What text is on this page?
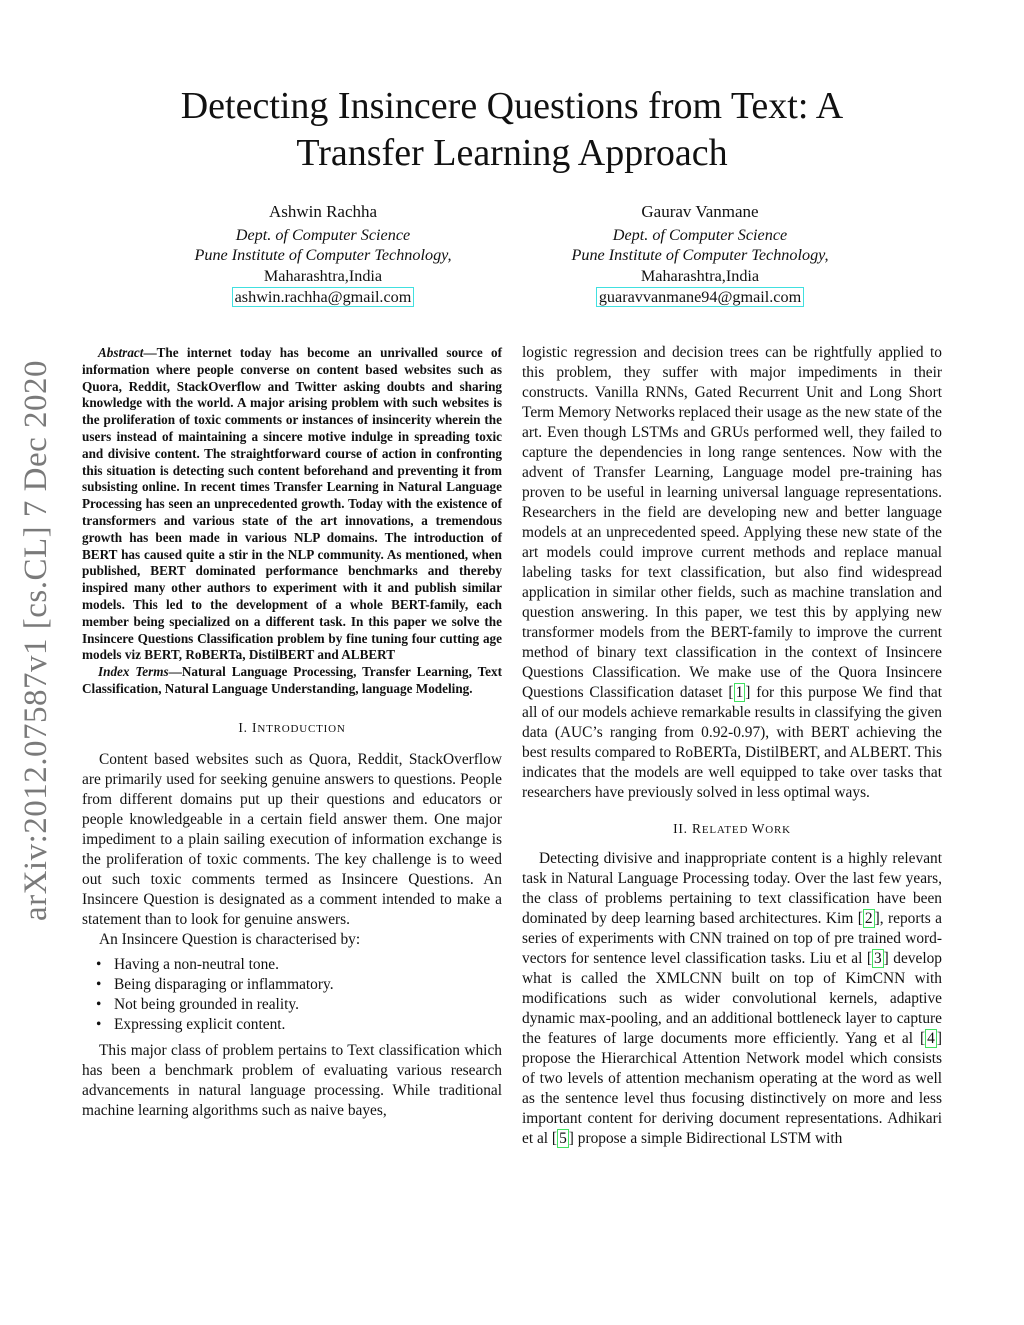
arXiv:2012.07587v1 [cs.CL] 7 Dec 2020
Detecting Insincere Questions from Text: A
Transfer Learning Approach
Ashwin Rachha
Dept. of Computer Science
Pune Institute of Computer Technology,
Maharashtra,India
ashwin.rachha@gmail.com
Gaurav Vanmane
Dept. of Computer Science
Pune Institute of Computer Technology,
Maharashtra,India
guaravvanmane94@gmail.com

Abstract—The internet today has become an unrivalled source of information where people converse on content based websites such as Quora, Reddit, StackOverflow and Twitter asking doubts and sharing knowledge with the world. A major arising problem with such websites is the proliferation of toxic comments or instances of insincerity wherein the users instead of maintaining a sincere motive indulge in spreading toxic and divisive content. The straightforward course of action in confronting this situation is detecting such content beforehand and preventing it from subsisting online. In recent times Transfer Learning in Natural Language Processing has seen an unprecedented growth. Today with the existence of transformers and various state of the art innovations, a tremendous growth has been made in various NLP domains. The introduction of BERT has caused quite a stir in the NLP community. As mentioned, when published, BERT dominated performance benchmarks and thereby inspired many other authors to experiment with it and publish similar models. This led to the development of a whole BERT-family, each member being specialized on a different task. In this paper we solve the Insincere Questions Classification problem by fine tuning four cutting age models viz BERT, RoBERTa, DistilBERT and ALBERT

Index Terms—Natural Language Processing, Transfer Learning, Text Classification, Natural Language Understanding, language Modeling.

I. INTRODUCTION

Content based websites such as Quora, Reddit, StackOverflow are primarily used for seeking genuine answers to questions. People from different domains put up their questions and educators or people knowledgeable in a certain field answer them. One major impediment to a plain sailing execution of information exchange is the proliferation of toxic comments. The key challenge is to weed out such toxic comments termed as Insincere Questions. An Insincere Question is designated as a comment intended to make a statement than to look for genuine answers.

An Insincere Question is characterised by:

• Having a non-neutral tone.
• Being disparaging or inflammatory.
• Not being grounded in reality.
• Expressing explicit content.

This major class of problem pertains to Text classification which has been a benchmark problem of evaluating various research advancements in natural language processing. While traditional machine learning algorithms such as naive bayes,

logistic regression and decision trees can be rightfully applied to this problem, they suffer with major impediments in their constructs. Vanilla RNNs, Gated Recurrent Unit and Long Short Term Memory Networks replaced their usage as the new state of the art. Even though LSTMs and GRUs performed well, they failed to capture the dependencies in long range sentences. Now with the advent of Transfer Learning, Language model pre-training has proven to be useful in learning universal language representations. Researchers in the field are developing new and better language models at an unprecedented speed. Applying these new state of the art models could improve current methods and replace manual labeling tasks for text classification, but also find widespread application in similar other fields, such as machine translation and question answering. In this paper, we test this by applying new transformer models from the BERT-family to improve the current method of binary text classification in the context of Insincere Questions Classification. We make use of the Quora Insincere Questions Classification dataset [ 1 ] for this purpose We find that all of our models achieve remarkable results in classifying the given data (AUC’s ranging from 0.92-0.97), with BERT achieving the best results compared to RoBERTa, DistilBERT, and ALBERT. This indicates that the models are well equipped to take over tasks that researchers have previously solved in less optimal ways.

II. RELATED WORK

Detecting divisive and inappropriate content is a highly relevant task in Natural Language Processing today. Over the last few years, the class of problems pertaining to text classification have been dominated by deep learning based architectures. Kim [ 2 ], reports a series of experiments with CNN trained on top of pre trained word-vectors for sentence level classification tasks. Liu et al [ 3 ] develop what is called the XMLCNN built on top of KimCNN with modifications such as wider convolutional kernels, adaptive dynamic max-pooling, and an additional bottleneck layer to capture the features of large documents more efficiently. Yang et al [ 4 ] propose the Hierarchical Attention Network model which consists of two levels of attention mechanism operating at the word as well as the sentence level thus focusing distinctively on more and less important content for deriving document representations. Adhikari et al [ 5 ] propose a simple Bidirectional LSTM with
